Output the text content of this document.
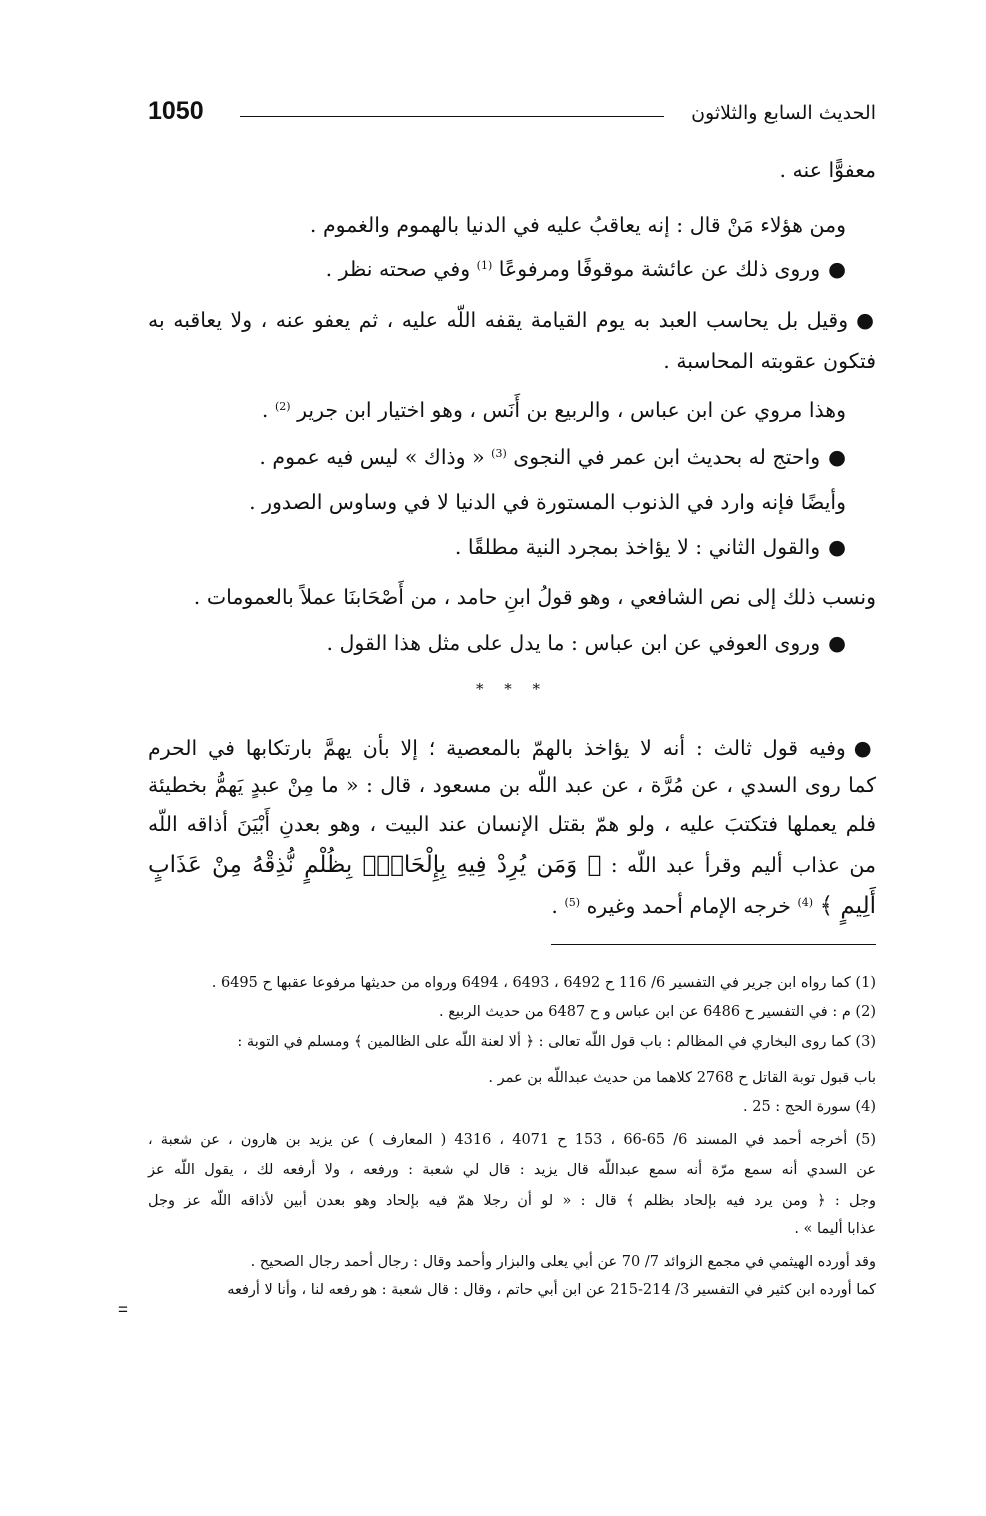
1050	الحديث السابع والثلاثون
معفوًّا عنه .
ومن هؤلاء مَنْ قال : إنه يعاقبُ عليه في الدنيا بالهموم والغموم .
●وروى ذلك عن عائشة موقوفًا ومرفوعًا $^{(1)}$ وفي صحته نظر .
●وقيل بل يحاسب العبد به يوم القيامة يقفه اللّه عليه ، ثم يعفو عنه ، ولا يعاقبه به
فتكون عقوبته المحاسبة .
وهذا مروي عن ابن عباس ، والربيع بن أَنَس ، وهو اختيار ابن جرير $^{(2)}$ .
●واحتج له بحديث ابن عمر في النجوى $^{(3)}$ « وذاك » ليس فيه عموم .
وأيضًا فإنه وارد في الذنوب المستورة في الدنيا لا في وساوس الصدور .
●والقول الثاني : لا يؤاخذ بمجرد النية مطلقًا .
ونسب ذلك إلى نص الشافعي ، وهو قولُ ابنِ حامد ، من أَصْحَابنَا عملاً بالعمومات .
●وروى العوفي عن ابن عباس : ما يدل على مثل هذا القول .
* * *
●وفيه قول ثالث : أنه لا يؤاخذ بالهمّ بالمعصية ؛ إلا بأن يهمَّ بارتكابها في الحرم
كما روى السدي ، عن مُرَّة ، عن عبد اللّه بن مسعود ، قال : « ما مِنْ عبدٍ يَهمُّ بخطيئة
فلم يعملها فتكتبَ عليه ، ولو همّ بقتل الإنسان عند البيت ، وهو بعدنِ أَبْيَنَ أذاقه اللّه
من عذاب أليم وقرأ عبد اللّه : ﴿ وَمَن يُرِدْ فِيهِ بِإِلْحَادٍۭ بِظُلْمٍ نُّذِقْهُ مِنْ عَذَابٍ
أَلِيمٍ ﴾ $^{(4)}$ خرجه الإمام أحمد وغيره $^{(5)}$ .
(1) كما رواه ابن جرير في التفسير 6/ 116 ح 6492 ، 6493 ، 6494 ورواه من حديثها مرفوعا عقبها ح 6495 .
(2) م : في التفسير ح 6486 عن ابن عباس و ح 6487 من حديث الربيع .
(3) كما روى البخاري في المظالم : باب قول اللّه تعالى : ﴿ ألا لعنة اللّه على الظالمين ﴾ ومسلم في التوبة :
باب قبول توبة القاتل ح 2768 كلاهما من حديث عبداللّه بن عمر .
(4) سورة الحج : 25 .
(5) أخرجه أحمد في المسند 6/ 65-66 ، 153 ح 4071 ، 4316 ( المعارف ) عن يزيد بن هارون ، عن شعبة ،
عن السدي أنه سمع مرّة أنه سمع عبداللّه قال يزيد : قال لي شعبة : ورفعه ، ولا أرفعه لك ، يقول اللّه عز
وجل : ﴿ ومن يرد فيه بإلحاد بظلم ﴾ قال : « لو أن رجلا همّ فيه بإلحاد وهو بعدن أبين لأذاقه اللّه عز وجل
عذابا أليما » .
وقد أورده الهيثمي في مجمع الزوائد 7/ 70 عن أبي يعلى والبزار وأحمد وقال : رجال أحمد رجال الصحيح .
كما أورده ابن كثير في التفسير 3/ 214-215 عن ابن أبي حاتم ، وقال : قال شعبة : هو رفعه لنا ، وأنا لا أرفعه
=
